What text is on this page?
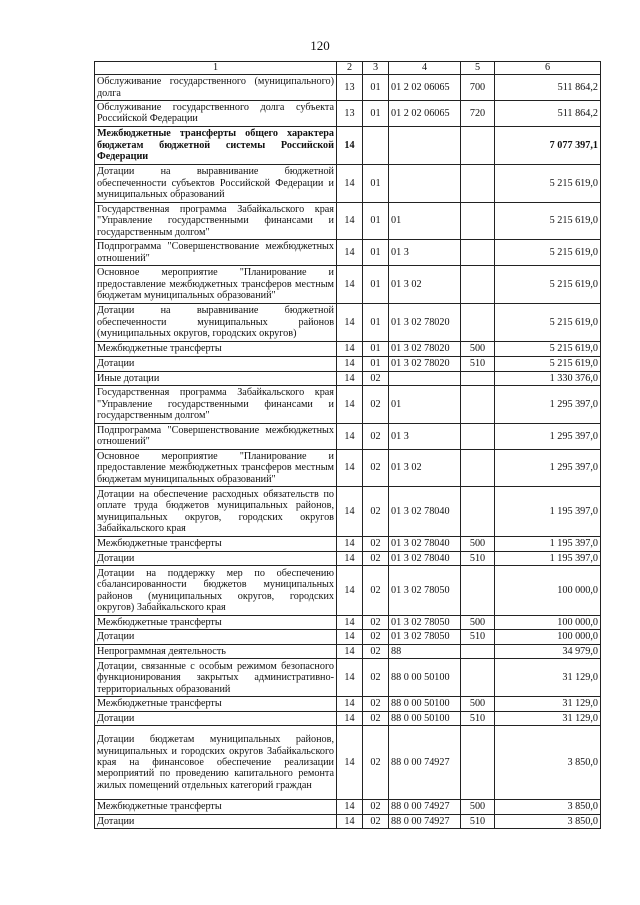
120
1	2	3	4	5	6
Обслуживание государственного (муниципального) долга	13	01	01 2 02 06065	700	511 864,2
Обслуживание государственного долга субъекта Российской Федерации	13	01	01 2 02 06065	720	511 864,2
Межбюджетные трансферты общего характера бюджетам бюджетной системы Российской Федерации	14				7 077 397,1
Дотации на выравнивание бюджетной обеспеченности субъектов Российской Федерации и муниципальных образований	14	01			5 215 619,0
Государственная программа Забайкальского края "Управление государственными финансами и государственным долгом"	14	01	01		5 215 619,0
Подпрограмма "Совершенствование межбюджетных отношений"	14	01	01 3		5 215 619,0
Основное мероприятие "Планирование и предоставление межбюджетных трансферов местным бюджетам муниципальных образований"	14	01	01 3 02		5 215 619,0
Дотации на выравнивание бюджетной обеспеченности муниципальных районов (муниципальных округов, городских округов)	14	01	01 3 02 78020		5 215 619,0
Межбюджетные трансферты	14	01	01 3 02 78020	500	5 215 619,0
Дотации	14	01	01 3 02 78020	510	5 215 619,0
Иные дотации	14	02			1 330 376,0
Государственная программа Забайкальского края "Управление государственными финансами и государственным долгом"	14	02	01		1 295 397,0
Подпрограмма "Совершенствование межбюджетных отношений"	14	02	01 3		1 295 397,0
Основное мероприятие "Планирование и предоставление межбюджетных трансферов местным бюджетам муниципальных образований"	14	02	01 3 02		1 295 397,0
Дотации на обеспечение расходных обязательств по оплате труда бюджетов муниципальных районов, муниципальных округов, городских округов Забайкальского края	14	02	01 3 02 78040		1 195 397,0
Межбюджетные трансферты	14	02	01 3 02 78040	500	1 195 397,0
Дотации	14	02	01 3 02 78040	510	1 195 397,0
Дотации на поддержку мер по обеспечению сбалансированности бюджетов муниципальных районов (муниципальных округов, городских округов) Забайкальского края	14	02	01 3 02 78050		100 000,0
Межбюджетные трансферты	14	02	01 3 02 78050	500	100 000,0
Дотации	14	02	01 3 02 78050	510	100 000,0
Непрограммная деятельность	14	02	88		34 979,0
Дотации, связанные с особым режимом безопасного функционирования закрытых административно-территориальных образований	14	02	88 0 00 50100		31 129,0
Межбюджетные трансферты	14	02	88 0 00 50100	500	31 129,0
Дотации	14	02	88 0 00 50100	510	31 129,0
Дотации бюджетам муниципальных районов, муниципальных и городских округов Забайкальского края на финансовое обеспечение реализации мероприятий по проведению капитального ремонта жилых помещений отдельных категорий граждан	14	02	88 0 00 74927		3 850,0
Межбюджетные трансферты	14	02	88 0 00 74927	500	3 850,0
Дотации	14	02	88 0 00 74927	510	3 850,0
